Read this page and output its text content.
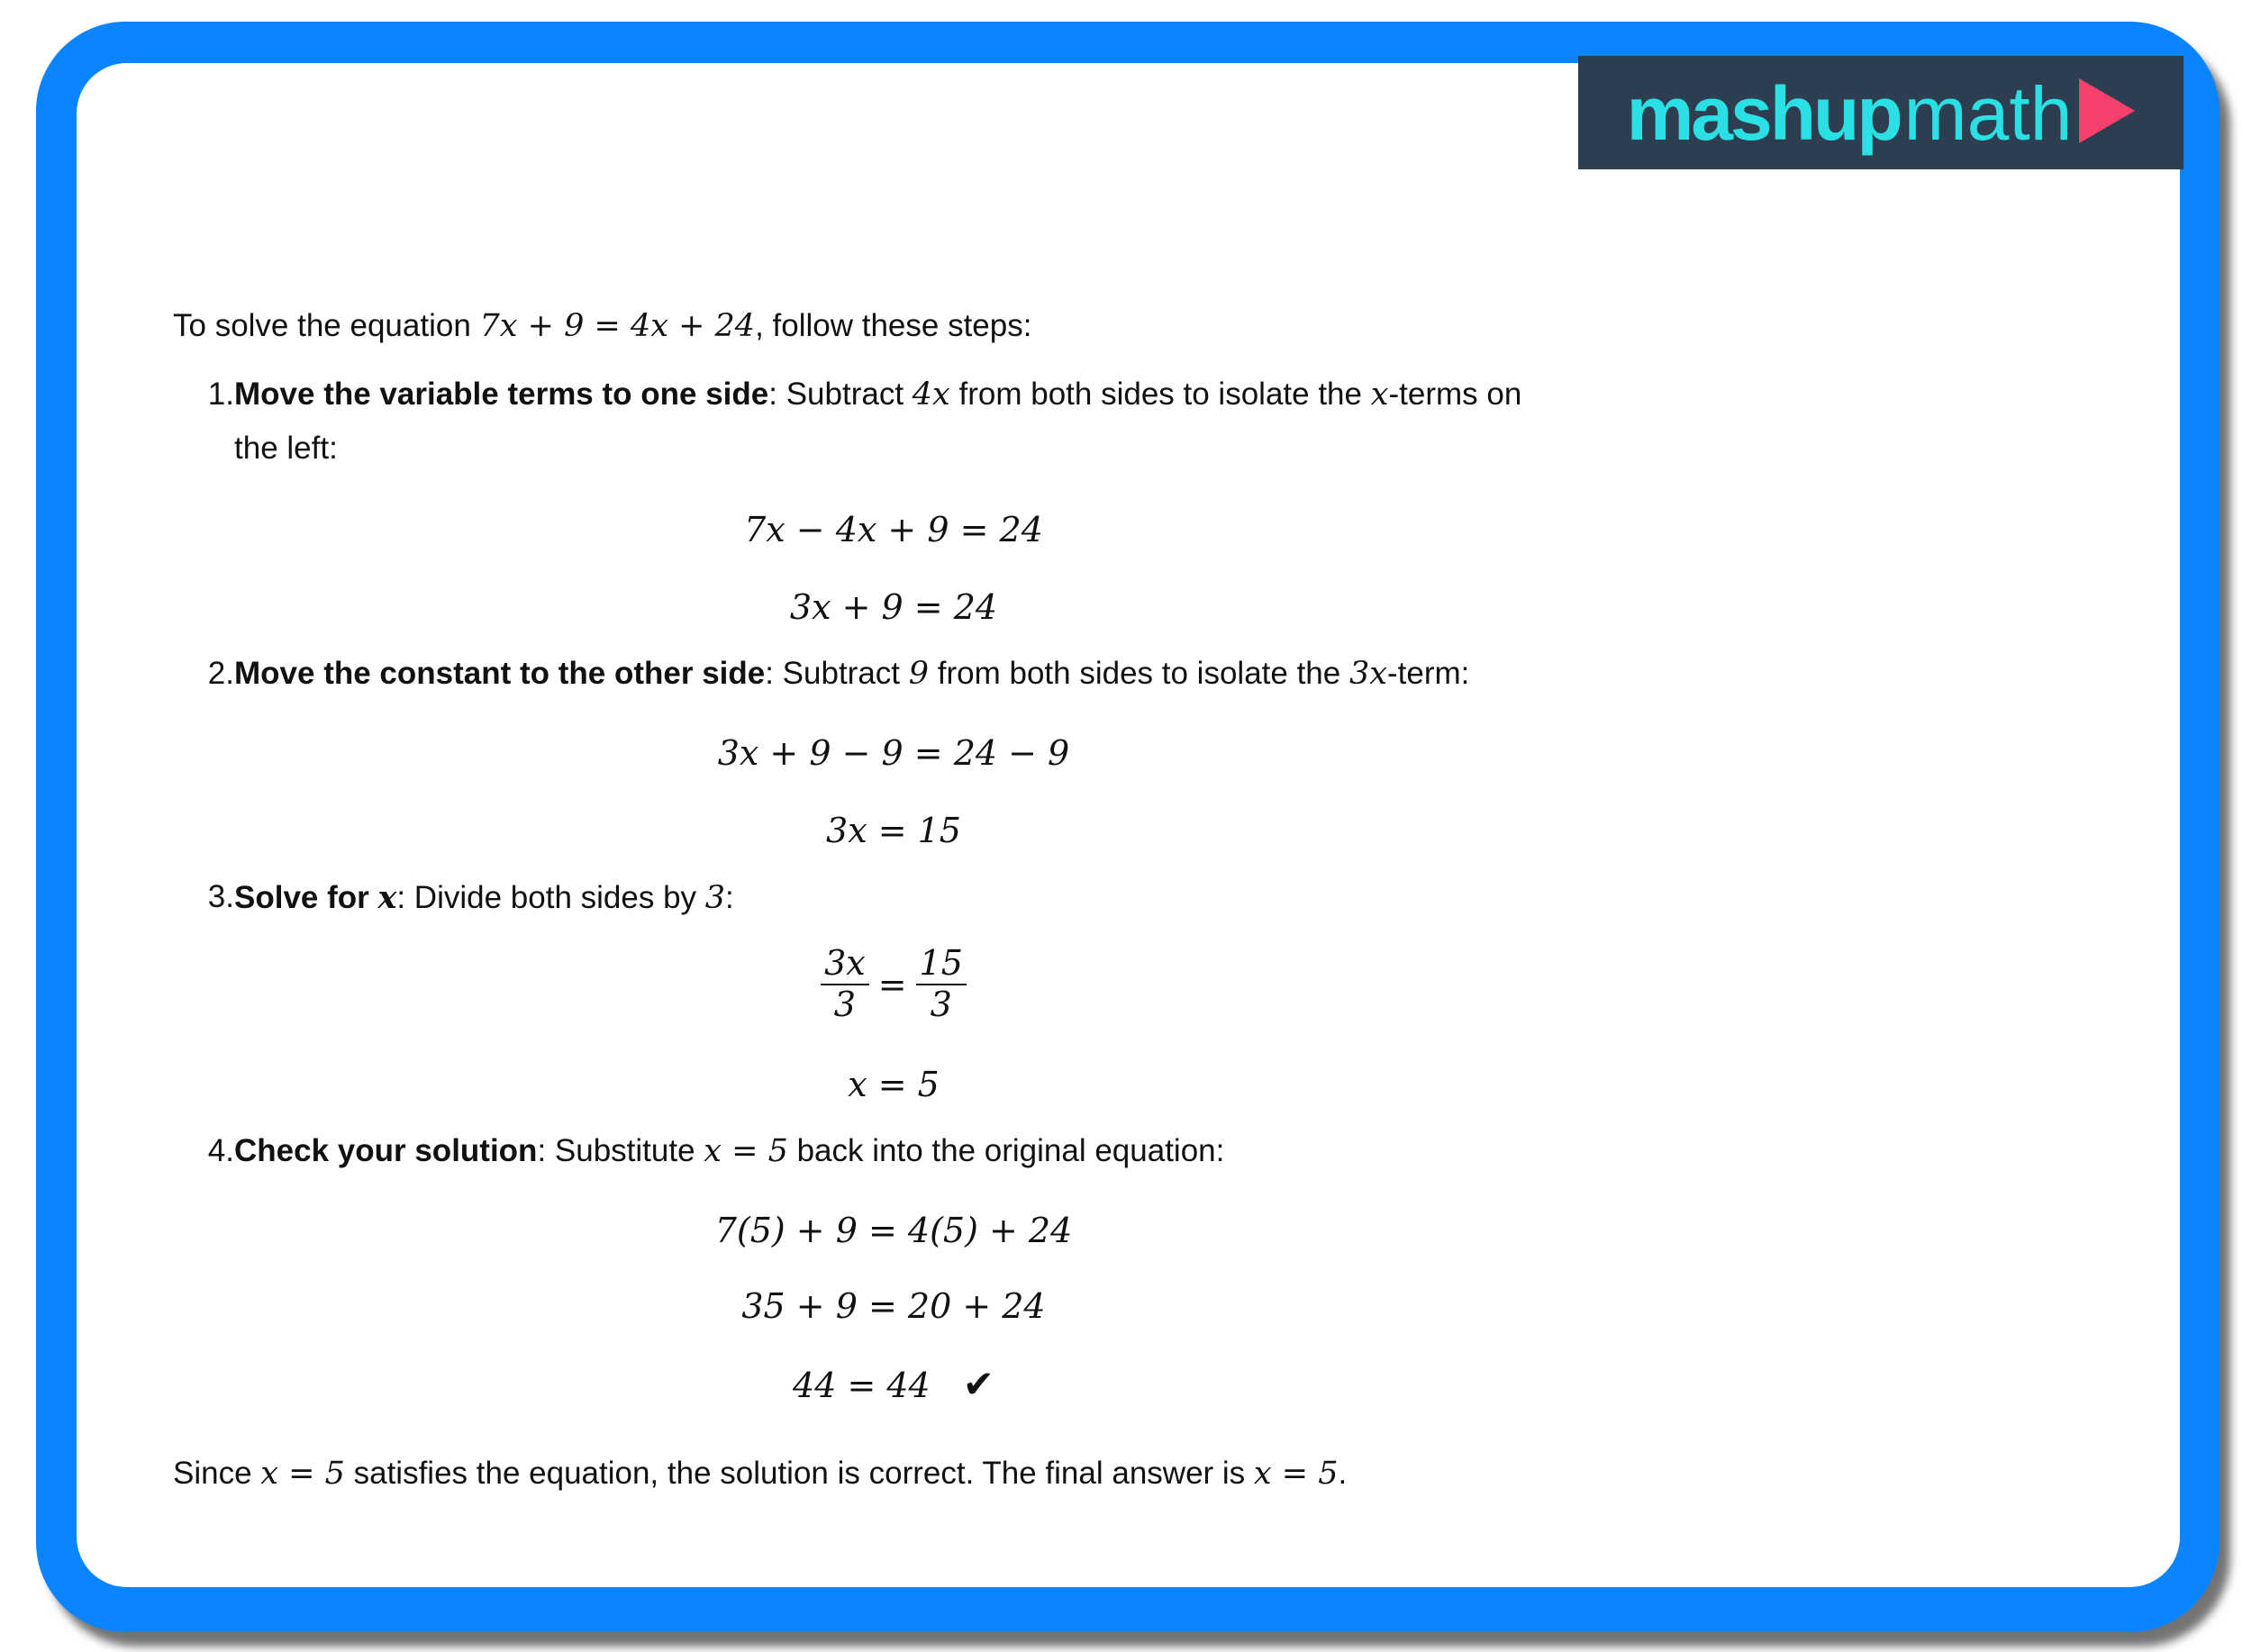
Example #2	mashup math
To solve the equation 7x + 9 = 4x + 24, follow these steps:
1. Move the variable terms to one side: Subtract 4x from both sides to isolate the x-terms on
the left:
7x − 4x + 9 = 24
3x + 9 = 24
2. Move the constant to the other side: Subtract 9 from both sides to isolate the 3x-term:
3x + 9 − 9 = 24 − 9
3x = 15
3. Solve for x: Divide both sides by 3:
$\frac{3x}{3} = \frac{15}{3}$
x = 5
4. Check your solution: Substitute x = 5 back into the original equation:
7(5) + 9 = 4(5) + 24
35 + 9 = 20 + 24
44 = 44 ✔
Since x = 5 satisfies the equation, the solution is correct. The final answer is x = 5.
